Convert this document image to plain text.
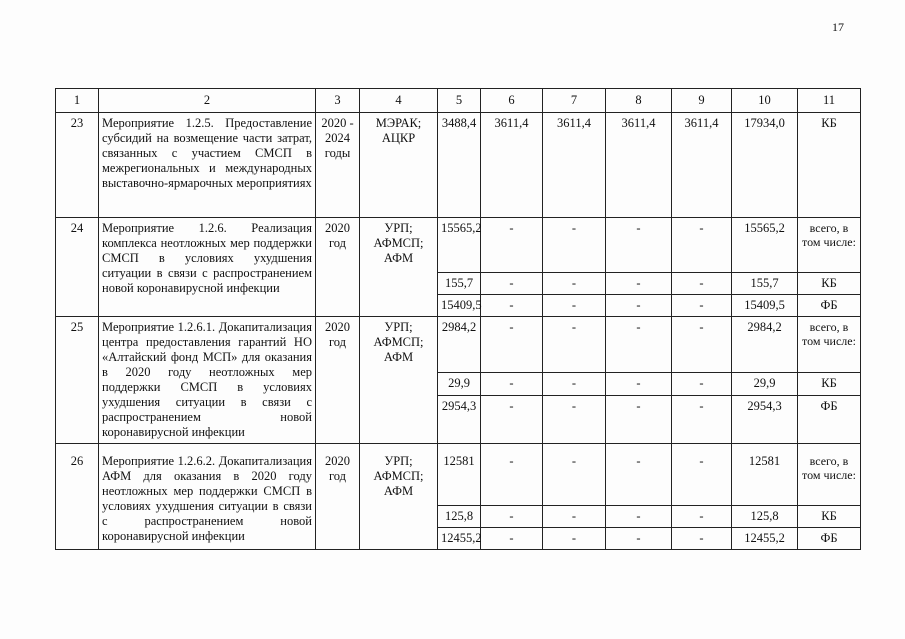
17
1	2	3	4	5	6	7	8	9	10	11
23	Мероприятие 1.2.5. Предоставление субсидий на возмещение части затрат, связанных с участием СМСП в межрегиональных и международных выставочно-ярмарочных мероприятиях	2020 - 2024 годы	МЭРАК; АЦКР	3488,4	3611,4	3611,4	3611,4	3611,4	17934,0	КБ
24	Мероприятие 1.2.6. Реализация комплекса неотложных мер поддержки СМСП в условиях ухудшения ситуации в связи с распространением новой коронавирусной инфекции	2020 год	УРП; АФМСП; АФМ	15565,2	-	-	-	-	15565,2	всего, в том числе:
				155,7	-	-	-	-	155,7	КБ
				15409,5	-	-	-	-	15409,5	ФБ
25	Мероприятие 1.2.6.1. Докапитализация центра предоставления гарантий НО «Алтайский фонд МСП» для оказания в 2020 году неотложных мер поддержки СМСП в условиях ухудшения ситуации в связи с распространением новой коронавирусной инфекции	2020 год	УРП; АФМСП; АФМ	2984,2	-	-	-	-	2984,2	всего, в том числе:
				29,9	-	-	-	-	29,9	КБ
				2954,3	-	-	-	-	2954,3	ФБ
26	Мероприятие 1.2.6.2. Докапитализация АФМ для оказания в 2020 году неотложных мер поддержки СМСП в условиях ухудшения ситуации в связи с распространением новой коронавирусной инфекции	2020 год	УРП; АФМСП; АФМ	12581	-	-	-	-	12581	всего, в том числе:
				125,8	-	-	-	-	125,8	КБ
				12455,2	-	-	-	-	12455,2	ФБ
